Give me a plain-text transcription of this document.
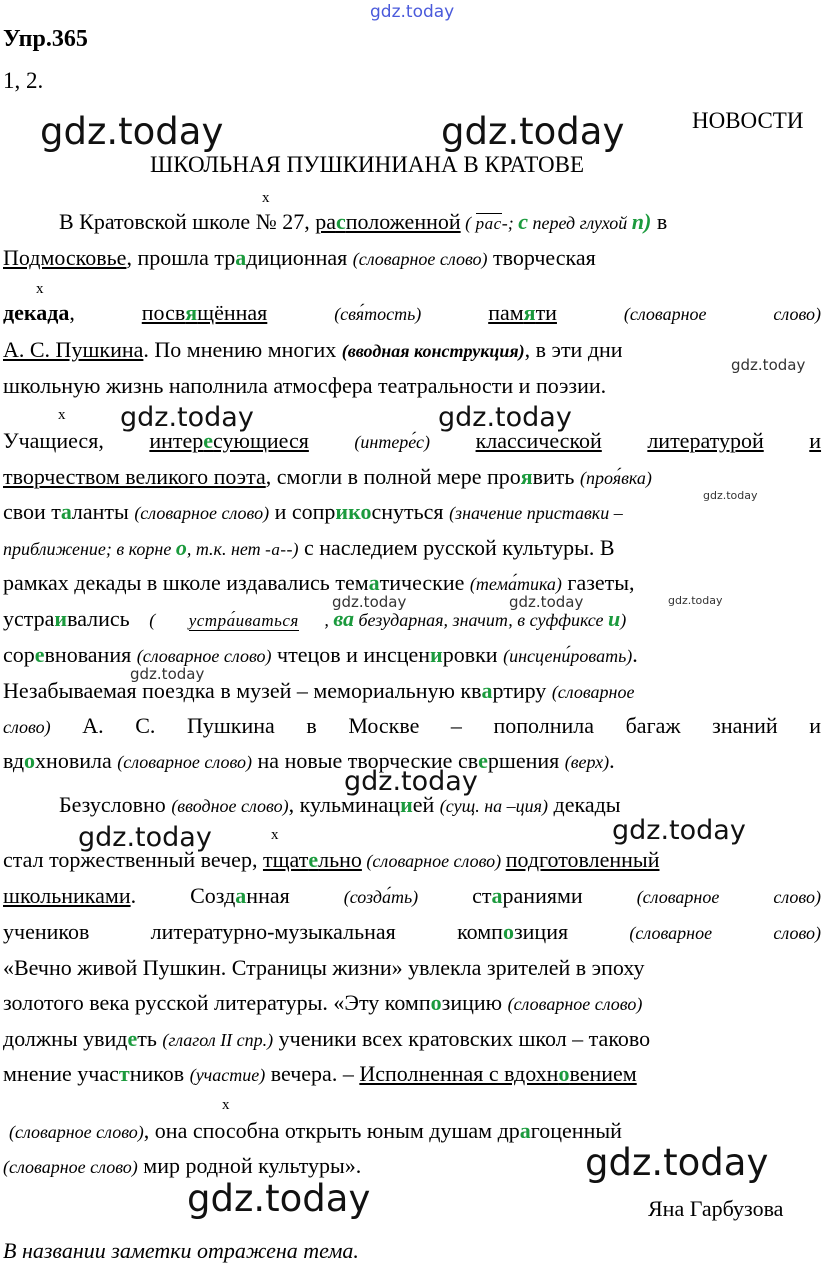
Упр.365
1, 2.
gdz.today
gdz.today	gdz.today
gdz.today	gdz.today
gdz.today
gdz.today	gdz.today
gdz.today
gdz.today
gdz.today
gdz.today
gdz.today	gdz.today	gdz.today
gdz.today
НОВОСТИ
ШКОЛЬНАЯ ПУШКИНИАНА В КРАТОВЕ
x
x
x
x
x
В Кратовской школе № 27, расположенной ( рас-; с перед глухой п) в
Подмосковье, прошла традиционная (словарное слово) творческая
декада,	посвящённая	(свя́тость)	памяти	(словарное	слово)
А. С. Пушкина. По мнению многих (вводная конструкция), в эти дни
школьную жизнь наполнила атмосфера театральности и поэзии.
Учащиеся, интересующиеся	(интере́с) классической литературой и
творчеством великого поэта, смогли в полной мере проявить (проя́вка)
свои таланты (словарное слово) и соприкоснуться (значение приставки –
приближение; в корне о, т.к. нет -а--) с наследием русской культуры. В
рамках декады в школе издавались тематические (тема́тика) газеты,
устраивались ( устра́иваться , ва безударная, значит, в суффиксе и)
соревнования (словарное слово) чтецов и инсценировки (инсцени́ровать).
Незабываемая поездка в музей – мемориальную квартиру (словарное
слово) А. С. Пушкина в Москве – пополнила багаж знаний и
вдохновила (словарное слово) на новые творческие свершения (верх).
Безусловно (вводное слово), кульминацией (сущ. на –ция) декады
стал торжественный вечер, тщательно (словарное слово) подготовленный
школьниками. Созданная	(созда́ть) стараниями	(словарное	слово)
учеников	литературно-музыкальная	композиция	(словарное	слово)
«Вечно живой Пушкин. Страницы жизни» увлекла зрителей в эпоху
золотого века русской литературы. «Эту композицию (словарное слово)
должны увидеть (глагол II спр.) ученики всех кратовских школ – таково
мнение участников (участие) вечера. – Исполненная с вдохновением
(словарное слово), она способна открыть юным душам драгоценный
(словарное слово) мир родной культуры».
Яна Гарбузова
В названии заметки отражена тема.
